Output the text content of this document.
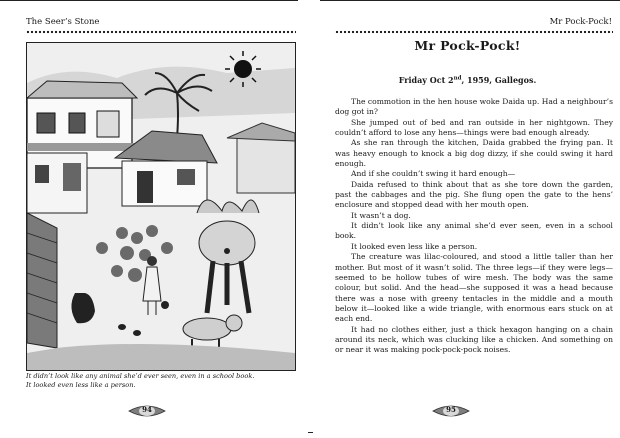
The Seer’s Stone
It didn’t look like any animal she’d ever seen, even in a school book.
It looked even less like a person.
94
Mr Pock-Pock!
Mr Pock-Pock!
Friday Oct 2nd, 1959, Gallegos.

The commotion in the hen house woke Daida up. Had a neighbour’s dog got in?

She jumped out of bed and ran outside in her nightgown. They couldn’t afford to lose any hens—things were bad enough already.

As she ran through the kitchen, Daida grabbed the frying pan. It was heavy enough to knock a big dog dizzy, if she could swing it hard enough.

And if she couldn’t swing it hard enough—

Daida refused to think about that as she tore down the garden, past the cabbages and the pig. She flung open the gate to the hens’ enclosure and stopped dead with her mouth open.

It wasn’t a dog.

It didn’t look like any animal she’d ever seen, even in a school book.

It looked even less like a person.

The creature was lilac-coloured, and stood a little taller than her mother. But most of it wasn’t solid. The three legs—if they were legs—seemed to be hollow tubes of wire mesh. The body was the same colour, but solid. And the head—she supposed it was a head because there was a nose with greeny tentacles in the middle and a mouth below it—looked like a wide triangle, with enormous ears stuck on at each end.

It had no clothes either, just a thick hexagon hanging on a chain around its neck, which was clucking like a chicken. And something on or near it was making pock-pock-pock noises.

95
